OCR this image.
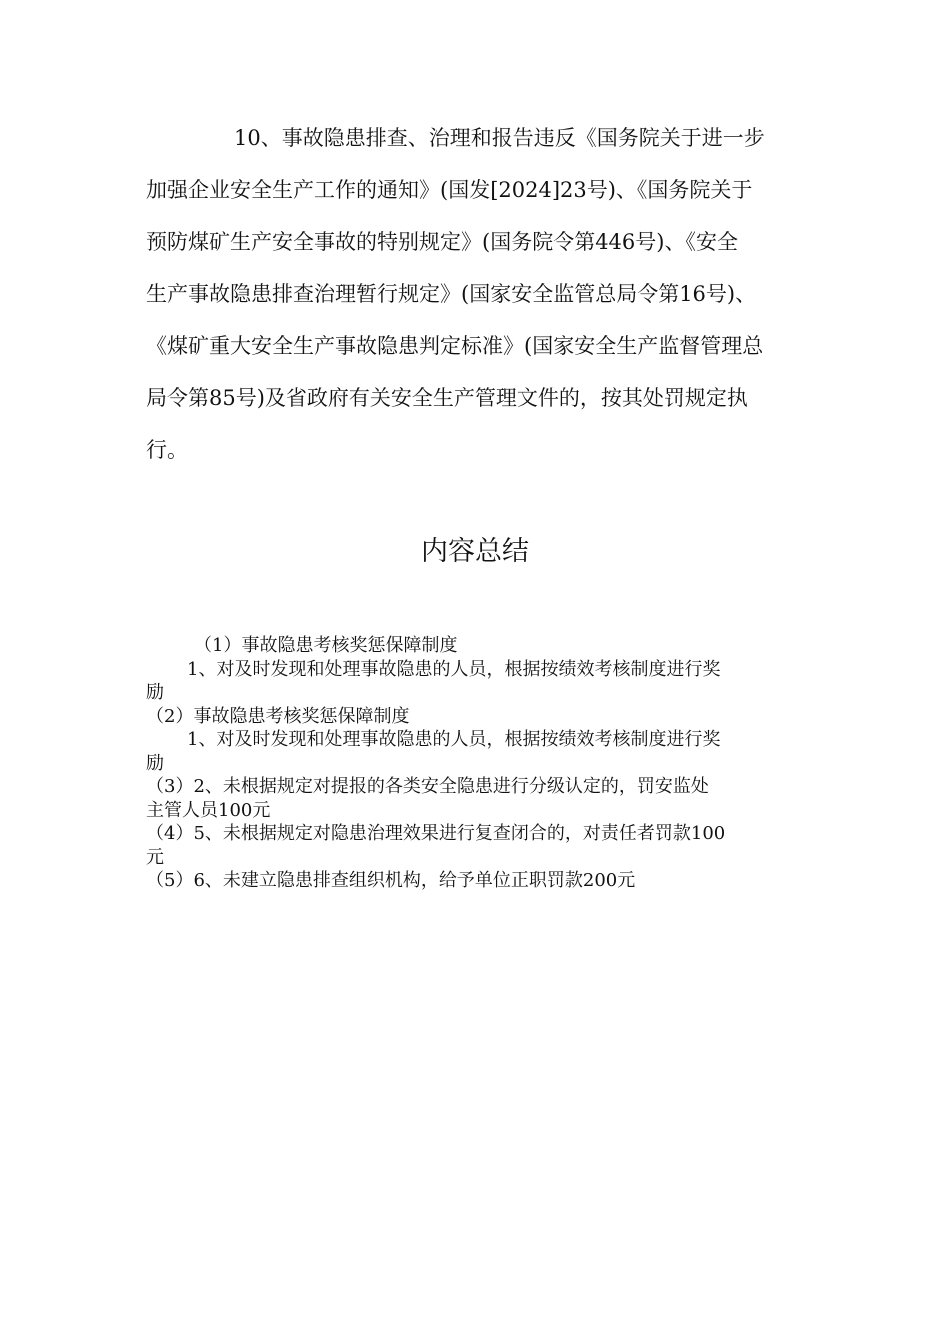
10、事故隐患排查、治理和报告违反《国务院关于进一步
加强企业安全生产工作的通知》(国发[2024]23号)、《国务院关于
预防煤矿生产安全事故的特别规定》(国务院令第446号)、《安全
生产事故隐患排查治理暂行规定》(国家安全监管总局令第16号)、
《煤矿重大安全生产事故隐患判定标准》(国家安全生产监督管理总
局令第85号)及省政府有关安全生产管理文件的，按其处罚规定执
行。

内容总结
（1）事故隐患考核奖惩保障制度
1、对及时发现和处理事故隐患的人员，根据按绩效考核制度进行奖
励
（2）事故隐患考核奖惩保障制度
1、对及时发现和处理事故隐患的人员，根据按绩效考核制度进行奖
励
（3）2、未根据规定对提报的各类安全隐患进行分级认定的，罚安监处
主管人员100元
（4）5、未根据规定对隐患治理效果进行复查闭合的，对责任者罚款100
元
（5）6、未建立隐患排查组织机构，给予单位正职罚款200元
